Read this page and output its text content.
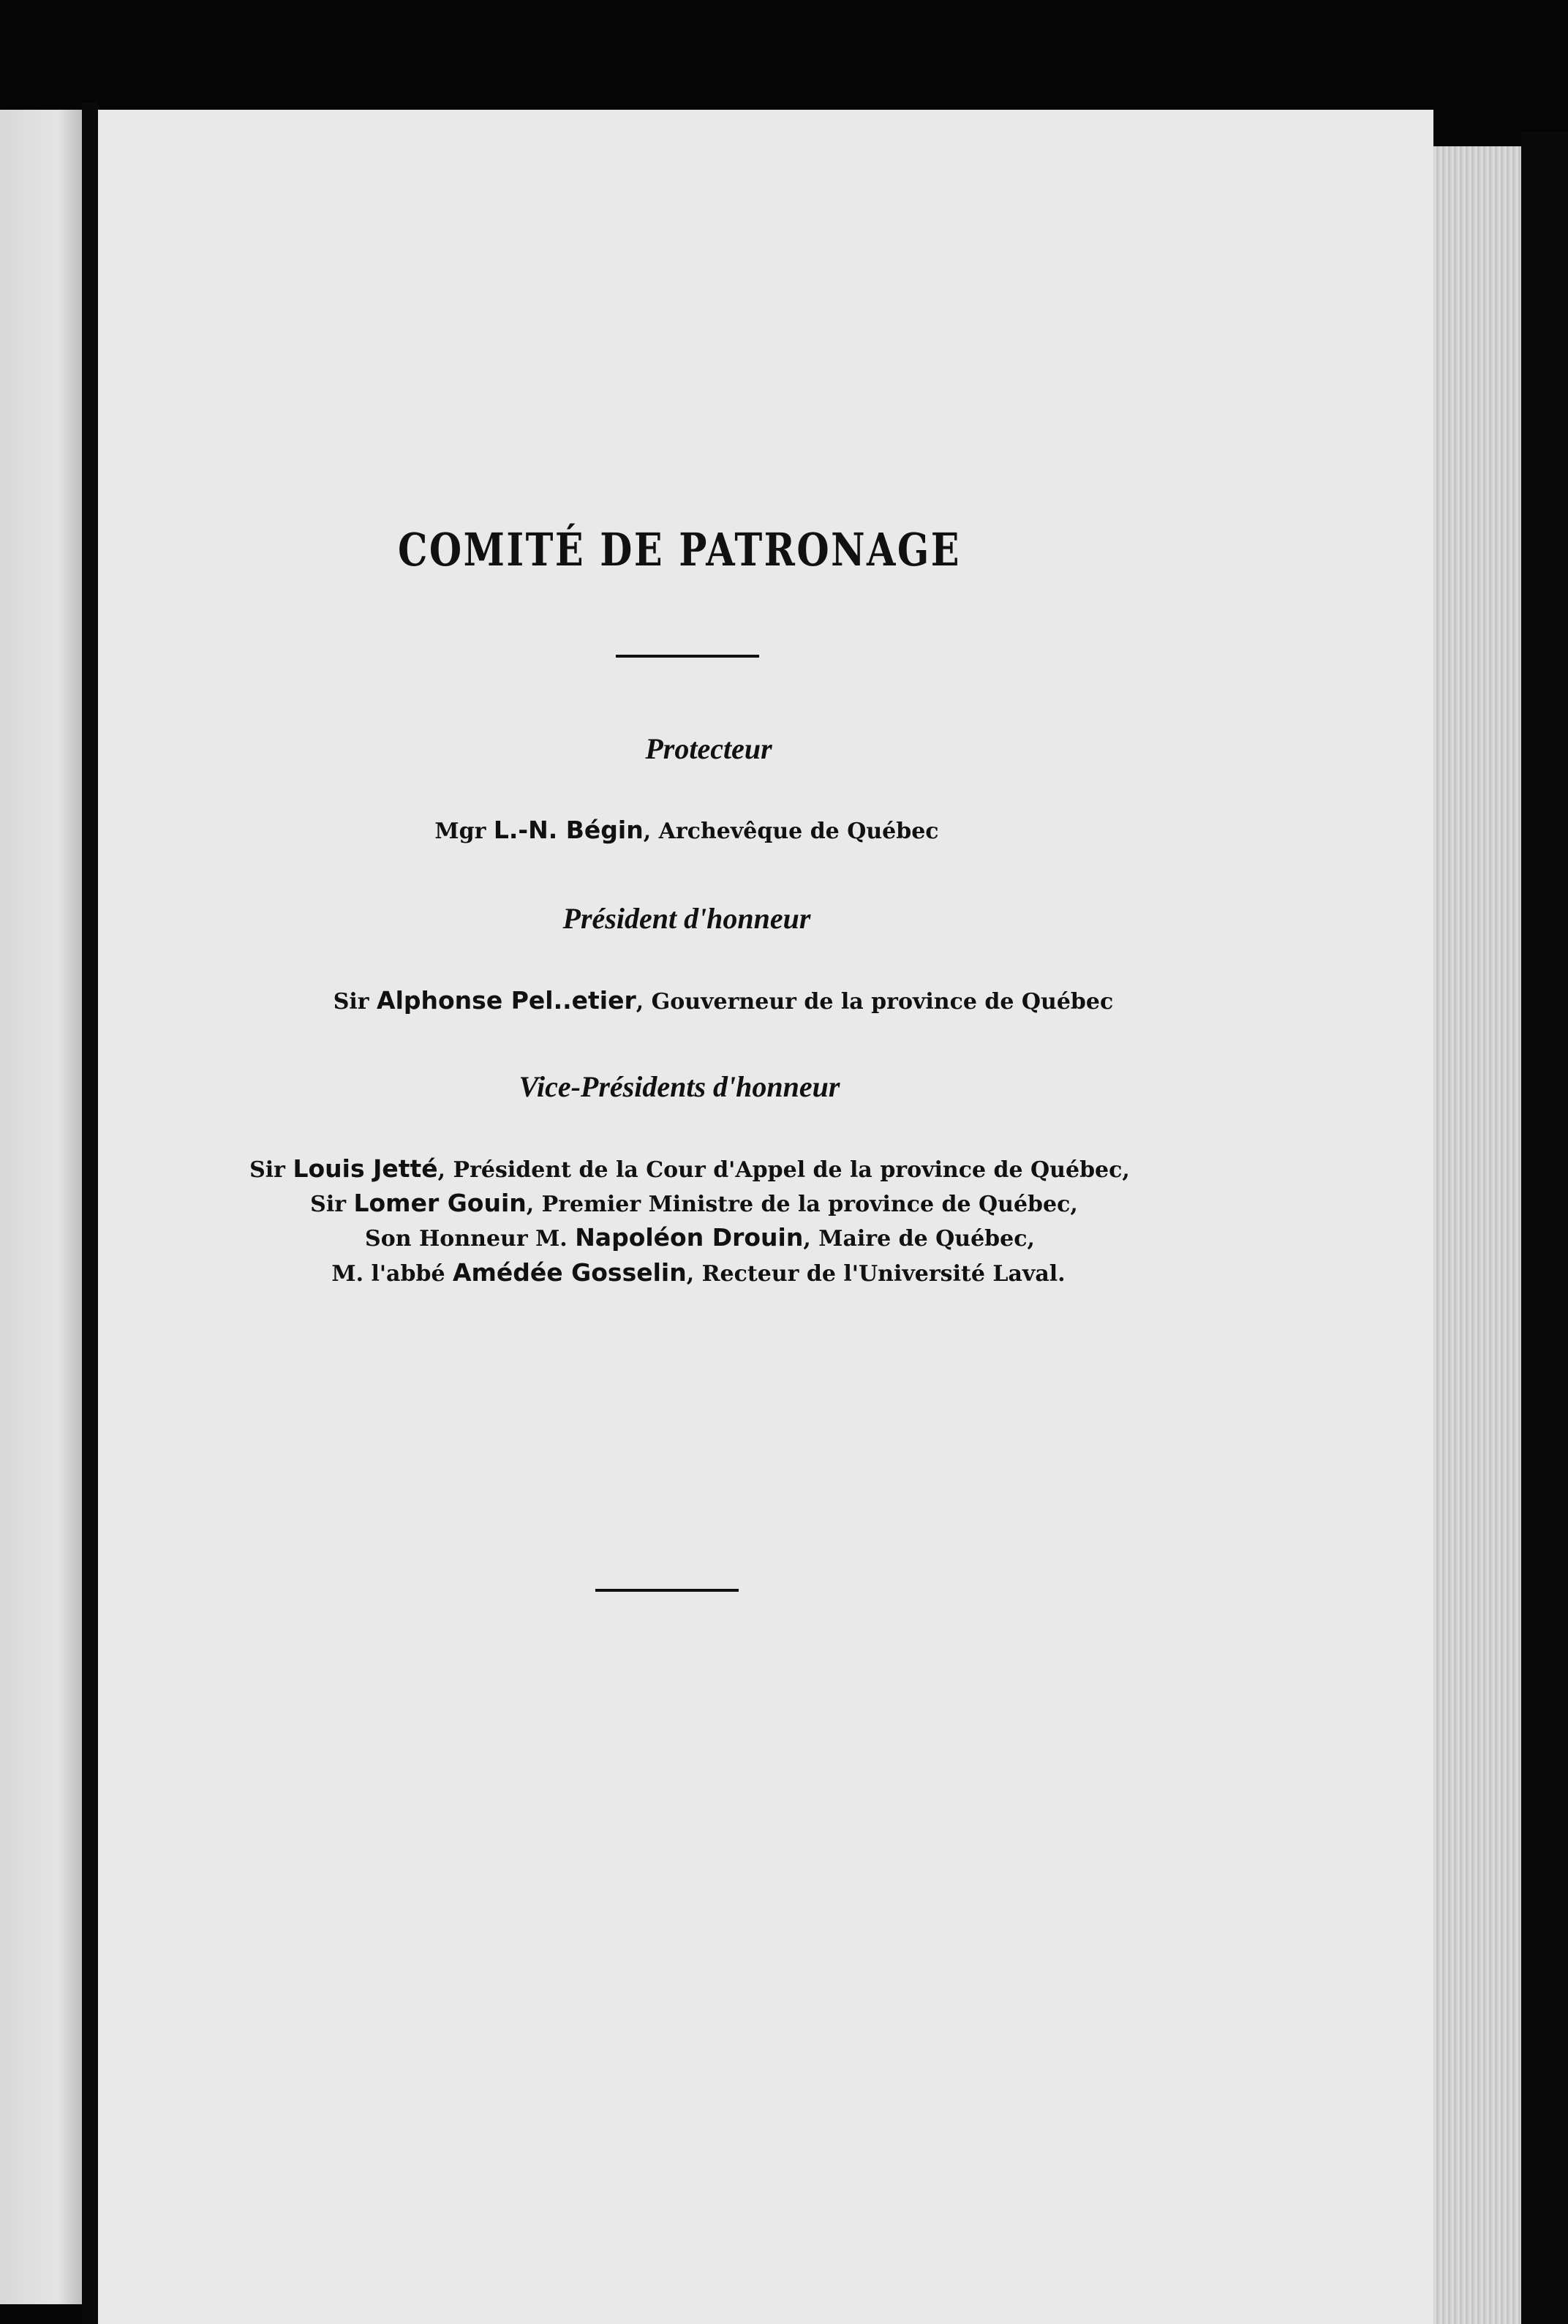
COMITÉ DE PATRONAGE
Protecteur
Mgr L.-N. Bégin, Archevêque de Québec
Président d'honneur
Sir Alphonse Pel..etier, Gouverneur de la province de Québec
Vice-Présidents d'honneur
Sir Louis Jetté, Président de la Cour d'Appel de la province de Québec,
Sir Lomer Gouin, Premier Ministre de la province de Québec,
Son Honneur M. Napoléon Drouin, Maire de Québec,
M. l'abbé Amédée Gosselin, Recteur de l'Université Laval.
